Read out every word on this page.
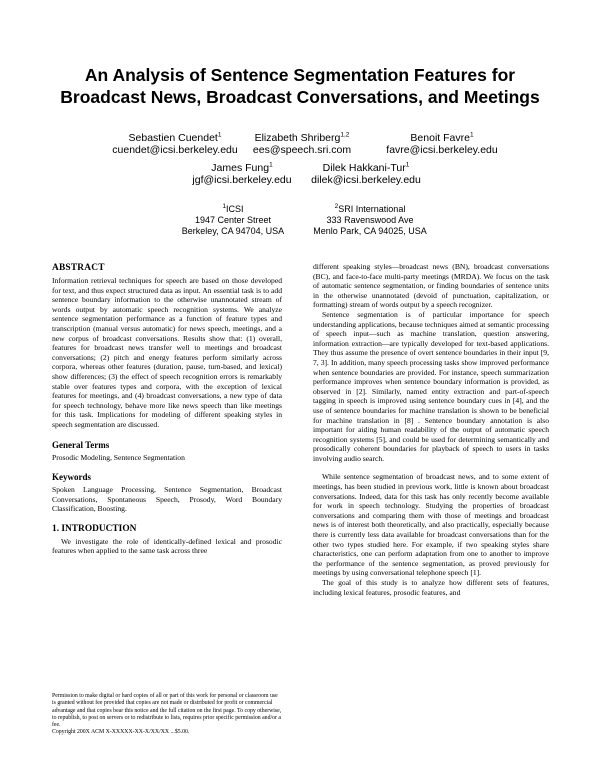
An Analysis of Sentence Segmentation Features for
Broadcast News, Broadcast Conversations, and Meetings
Sebastien Cuendet$^1$
cuendet@icsi.berkeley.edu
Elizabeth Shriberg$^{1,2}$
ees@speech.sri.com
Benoit Favre$^1$
favre@icsi.berkeley.edu
James Fung$^1$
jgf@icsi.berkeley.edu
Dilek Hakkani-Tur$^1$
dilek@icsi.berkeley.edu
$^1$ICSI
1947 Center Street
Berkeley, CA 94704, USA
$^2$SRI International
333 Ravenswood Ave
Menlo Park, CA 94025, USA
ABSTRACT

Information retrieval techniques for speech are based on those developed for text, and thus expect structured data as input. An essential task is to add sentence boundary information to the otherwise unannotated stream of words output by automatic speech recognition systems. We analyze sentence segmentation performance as a function of feature types and transcription (manual versus automatic) for news speech, meetings, and a new corpus of broadcast conversations. Results show that: (1) overall, features for broadcast news transfer well to meetings and broadcast conversations; (2) pitch and energy features perform similarly across corpora, whereas other features (duration, pause, turn-based, and lexical) show differences; (3) the effect of speech recognition errors is remarkably stable over features types and corpora, with the exception of lexical features for meetings, and (4) broadcast conversations, a new type of data for speech technology, behave more like news speech than like meetings for this task. Implications for modeling of different speaking styles in speech segmentation are discussed.

General Terms

Prosodic Modeling, Sentence Segmentation

Keywords

Spoken Language Processing, Sentence Segmentation, Broadcast Conversations, Spontaneous Speech, Prosody, Word Boundary Classification, Boosting.

1. INTRODUCTION

We investigate the role of identically-defined lexical and prosodic features when applied to the same task across three

Permission to make digital or hard copies of all or part of this work for personal or classroom use is granted without fee provided that copies are not made or distributed for profit or commercial advantage and that copies bear this notice and the full citation on the first page. To copy otherwise, to republish, to post on servers or to redistribute to lists, requires prior specific permission and/or a fee.

Copyright 200X ACM X-XXXXX-XX-X/XX/XX ...$5.00.

different speaking styles—broadcast news (BN), broadcast conversations (BC), and face-to-face multi-party meetings (MRDA). We focus on the task of automatic sentence segmentation, or finding boundaries of sentence units in the otherwise unannotated (devoid of punctuation, capitalization, or formatting) stream of words output by a speech recognizer.

Sentence segmentation is of particular importance for speech understanding applications, because techniques aimed at semantic processing of speech input—such as machine translation, question answering, information extraction—are typically developed for text-based applications. They thus assume the presence of overt sentence boundaries in their input [9, 7, 3]. In addition, many speech processing tasks show improved performance when sentence boundaries are provided. For instance, speech summarization performance improves when sentence boundary information is provided, as observed in [2]. Similarly, named entity extraction and part-of-speech tagging in speech is improved using sentence boundary cues in [4], and the use of sentence boundaries for machine translation is shown to be beneficial for machine translation in [8] . Sentence boundary annotation is also important for aiding human readability of the output of automatic speech recognition systems [5], and could be used for determining semantically and prosodically coherent boundaries for playback of speech to users in tasks involving audio search.

While sentence segmentation of broadcast news, and to some extent of meetings, has been studied in previous work, little is known about broadcast conversations. Indeed, data for this task has only recently become available for work in speech technology. Studying the properties of broadcast conversations and comparing them with those of meetings and broadcast news is of interest both theoretically, and also practically, especially because there is currently less data available for broadcast conversations than for the other two types studied here. For example, if two speaking styles share characteristics, one can perform adaptation from one to another to improve the performance of the sentence segmentation, as proved previously for meetings by using conversational telephone speech [1].

The goal of this study is to analyze how different sets of features, including lexical features, prosodic features, and
